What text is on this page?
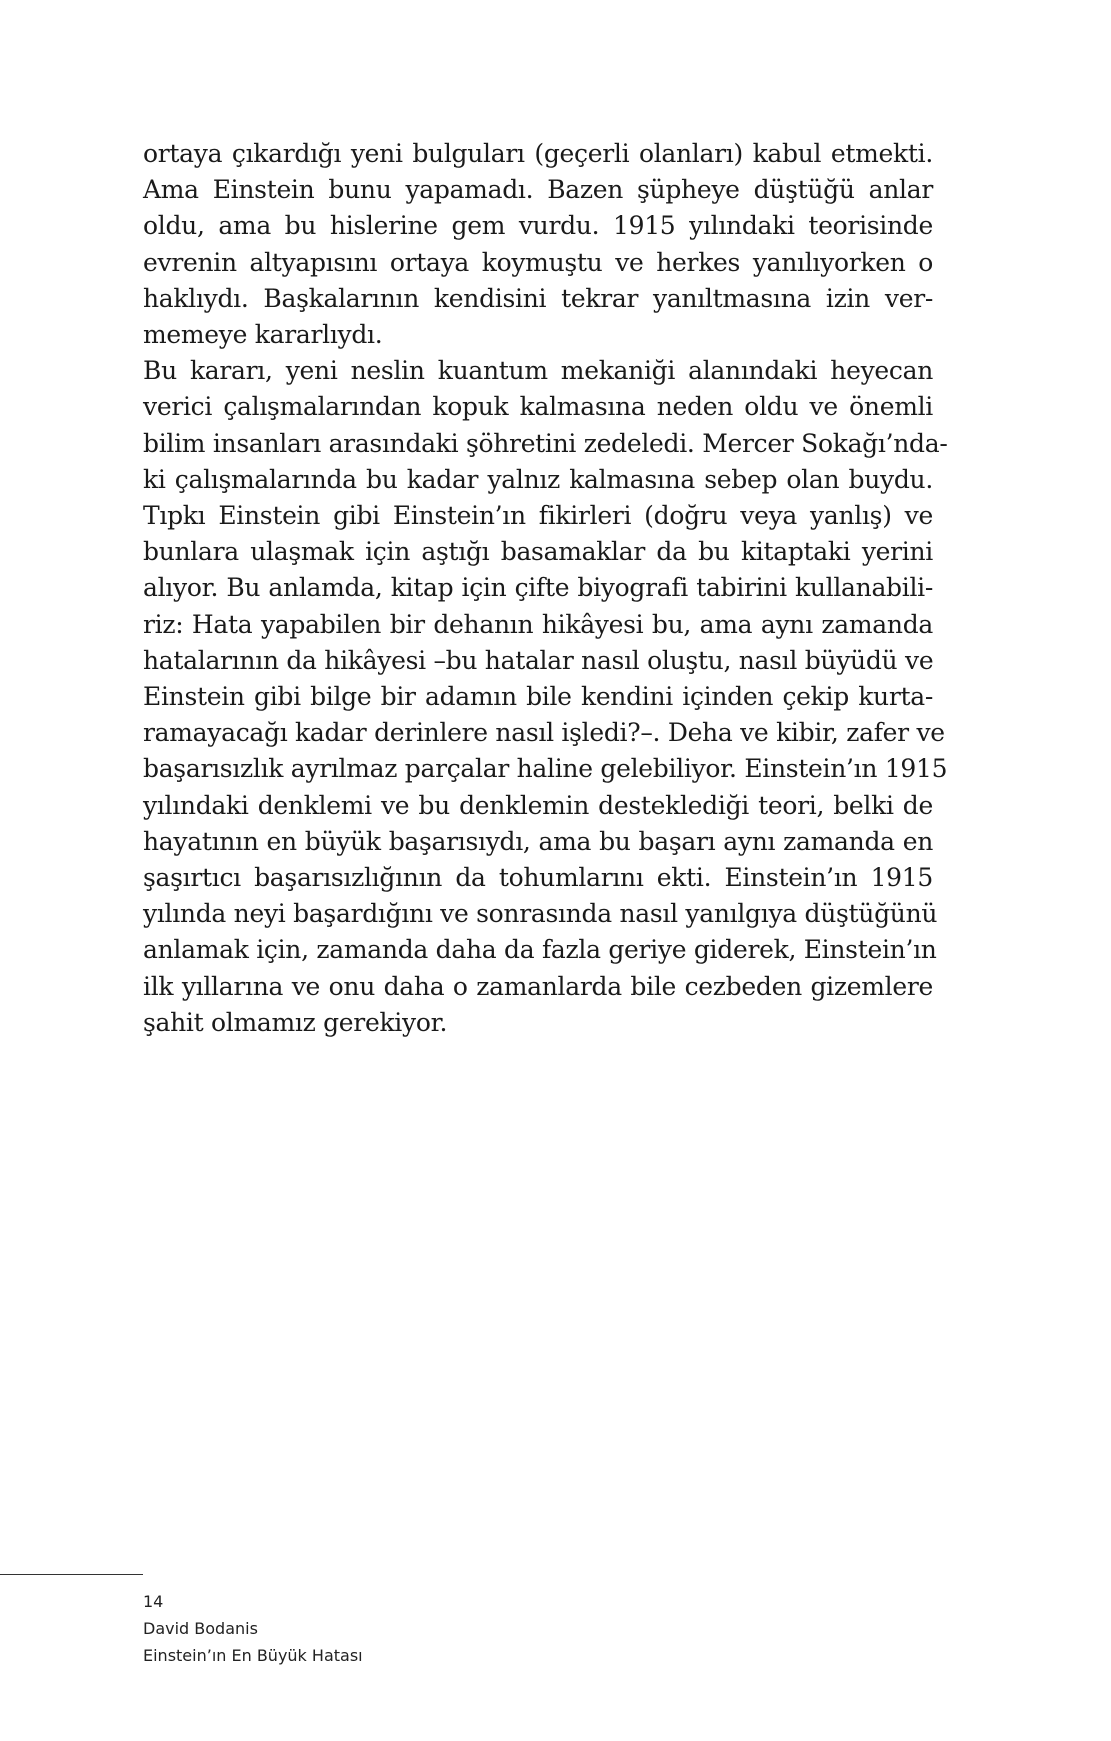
ortaya çıkardığı yeni bulguları (geçerli olanları) kabul etmekti.
Ama Einstein bunu yapamadı. Bazen şüpheye düştüğü anlar
oldu, ama bu hislerine gem vurdu. 1915 yılındaki teorisinde
evrenin altyapısını ortaya koymuştu ve herkes yanılıyorken o
haklıydı. Başkalarının kendisini tekrar yanıltmasına izin ver-
memeye kararlıydı.
Bu kararı, yeni neslin kuantum mekaniği alanındaki heyecan
verici çalışmalarından kopuk kalmasına neden oldu ve önemli
bilim insanları arasındaki şöhretini zedeledi. Mercer Sokağı’nda-
ki çalışmalarında bu kadar yalnız kalmasına sebep olan buydu.
Tıpkı Einstein gibi Einstein’ın fikirleri (doğru veya yanlış) ve
bunlara ulaşmak için aştığı basamaklar da bu kitaptaki yerini
alıyor. Bu anlamda, kitap için çifte biyografi tabirini kullanabili-
riz: Hata yapabilen bir dehanın hikâyesi bu, ama aynı zamanda
hatalarının da hikâyesi –bu hatalar nasıl oluştu, nasıl büyüdü ve
Einstein gibi bilge bir adamın bile kendini içinden çekip kurta-
ramayacağı kadar derinlere nasıl işledi?–. Deha ve kibir, zafer ve
başarısızlık ayrılmaz parçalar haline gelebiliyor. Einstein’ın 1915
yılındaki denklemi ve bu denklemin desteklediği teori, belki de
hayatının en büyük başarısıydı, ama bu başarı aynı zamanda en
şaşırtıcı başarısızlığının da tohumlarını ekti. Einstein’ın 1915
yılında neyi başardığını ve sonrasında nasıl yanılgıya düştüğünü
anlamak için, zamanda daha da fazla geriye giderek, Einstein’ın
ilk yıllarına ve onu daha o zamanlarda bile cezbeden gizemlere
şahit olmamız gerekiyor.
14
David Bodanis
Einstein’ın En Büyük Hatası
